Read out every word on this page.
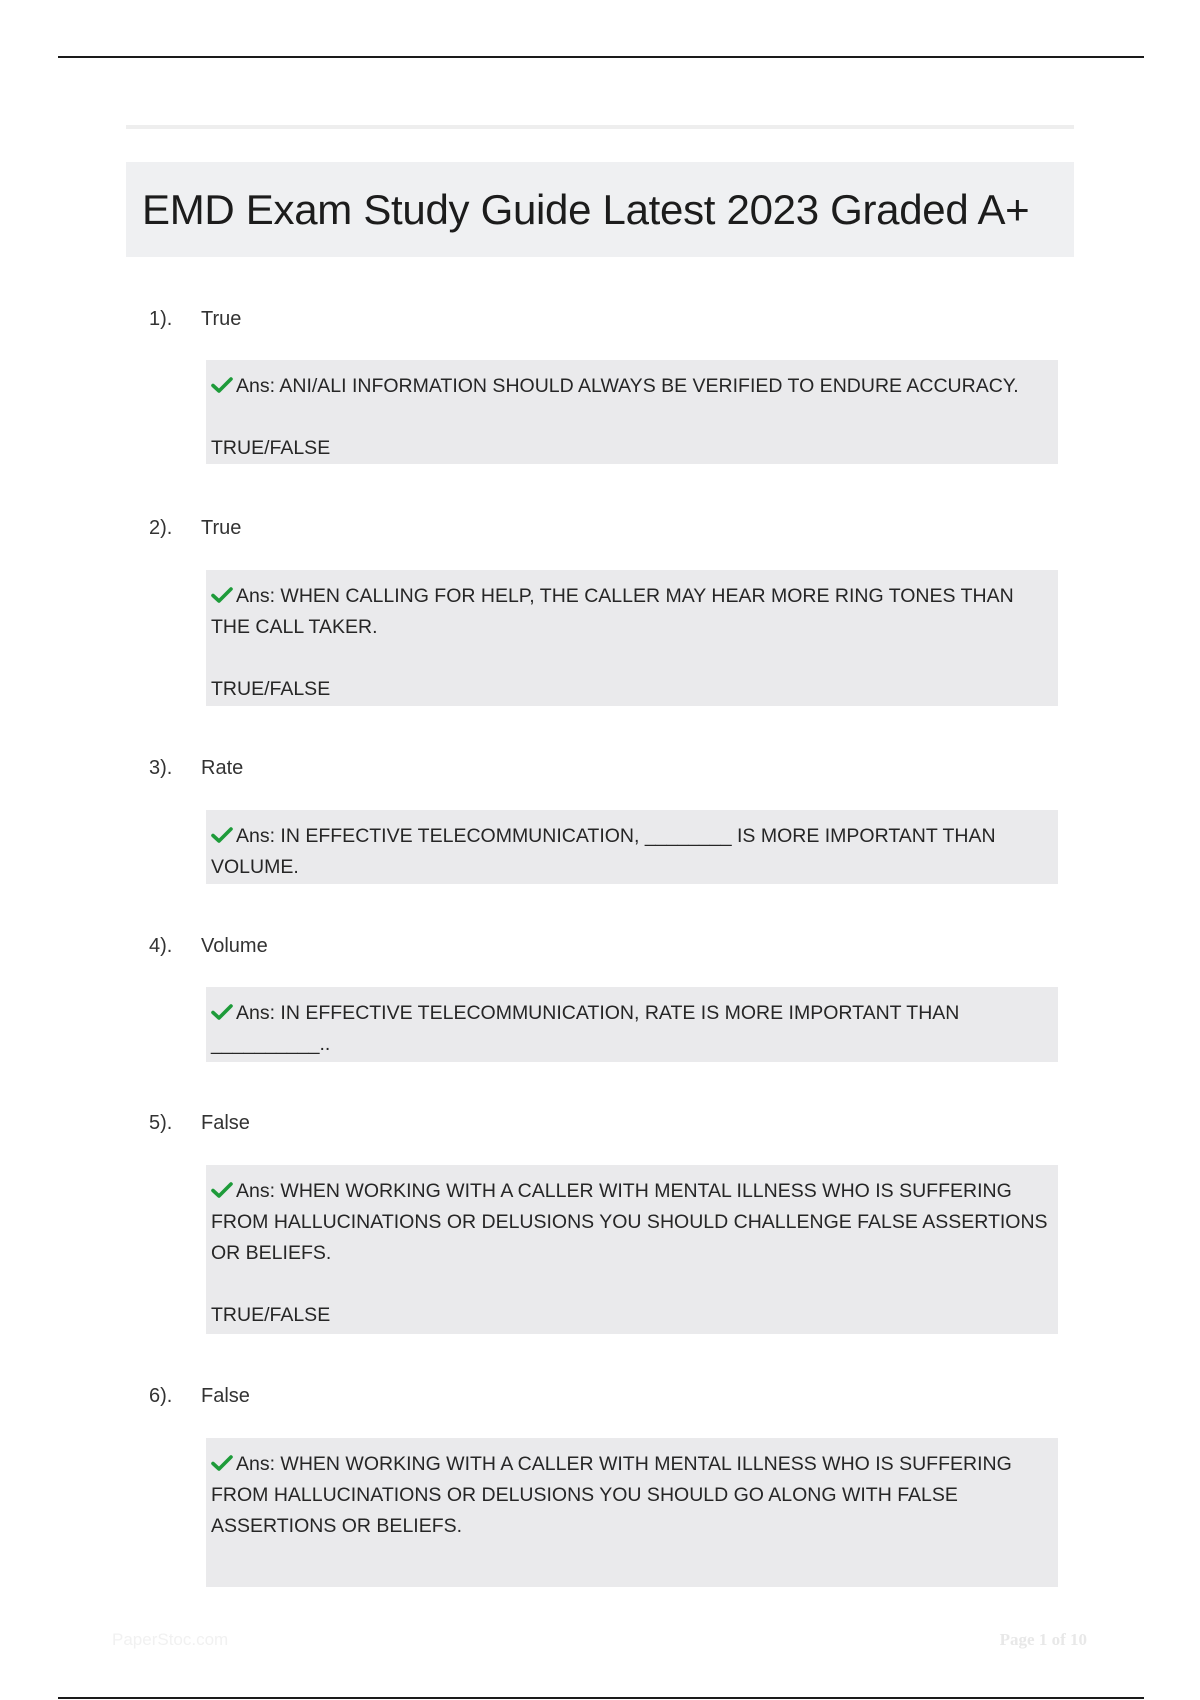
EMD Exam Study Guide Latest 2023 Graded A+
1). True

Ans: ANI/ALI INFORMATION SHOULD ALWAYS BE VERIFIED TO ENDURE ACCURACY.

TRUE/FALSE

2). True

Ans: WHEN CALLING FOR HELP, THE CALLER MAY HEAR MORE RING TONES THAN THE CALL TAKER.

TRUE/FALSE

3). Rate

Ans: IN EFFECTIVE TELECOMMUNICATION, ________ IS MORE IMPORTANT THAN VOLUME.

4). Volume

Ans: IN EFFECTIVE TELECOMMUNICATION, RATE IS MORE IMPORTANT THAN __________..

5). False

Ans: WHEN WORKING WITH A CALLER WITH MENTAL ILLNESS WHO IS SUFFERING FROM HALLUCINATIONS OR DELUSIONS YOU SHOULD CHALLENGE FALSE ASSERTIONS OR BELIEFS.

TRUE/FALSE

6). False

Ans: WHEN WORKING WITH A CALLER WITH MENTAL ILLNESS WHO IS SUFFERING FROM HALLUCINATIONS OR DELUSIONS YOU SHOULD GO ALONG WITH FALSE ASSERTIONS OR BELIEFS.

PaperStoc.com	Page 1 of 10
